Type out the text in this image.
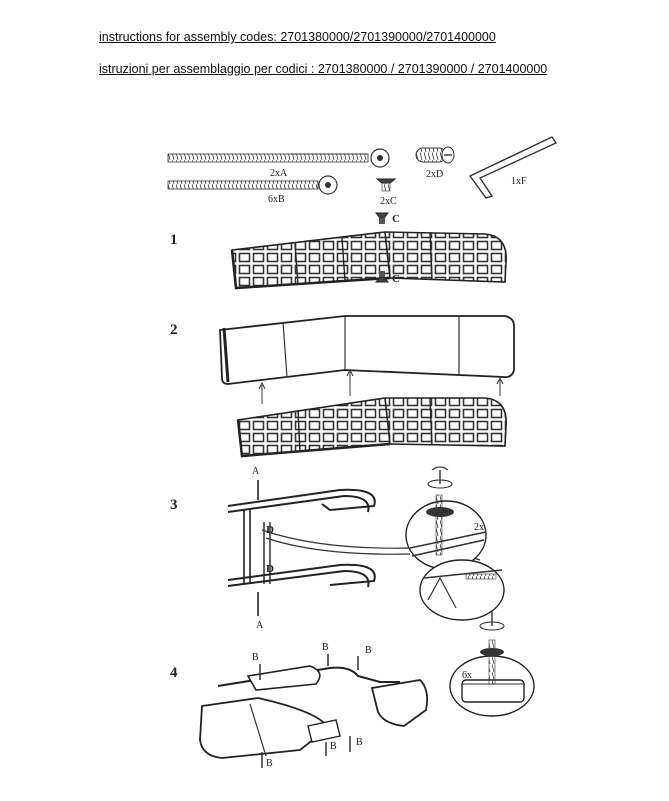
instructions for assembly codes: 2701380000/2701390000/2701400000
istruzioni per assemblaggio per codici : 2701380000 / 2701390000 / 2701400000
1
2
3
4
2xA
6xB	2xC
2xD
1xF
C
C
A
A
D
D
2x
B
B	B
B B
B
6x
